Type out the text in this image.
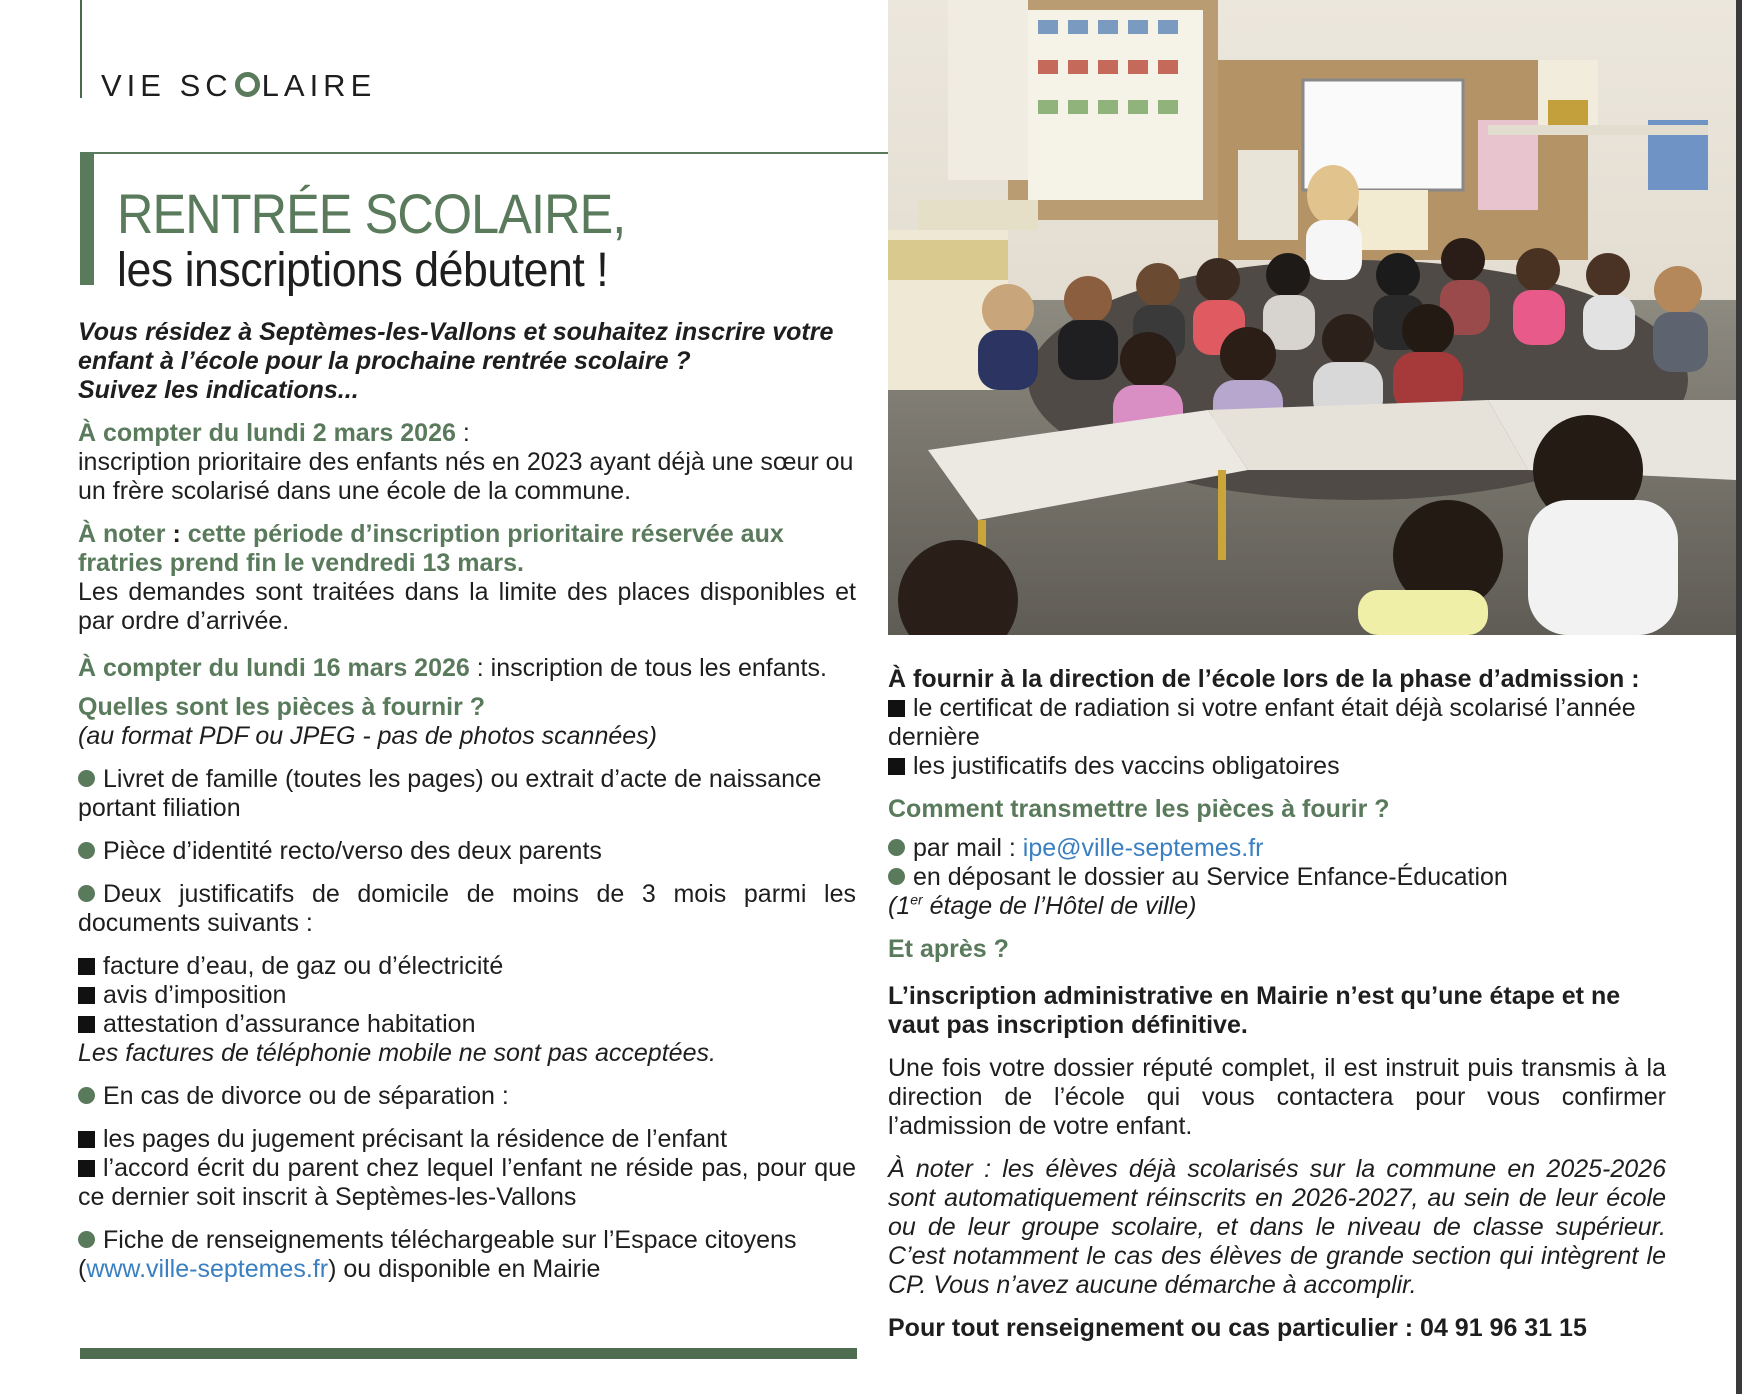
VIE SC LAIRE
RENTRÉE SCOLAIRE,
les inscriptions débutent !

Vous résidez à Septèmes-les-Vallons et souhaitez inscrire votre

enfant à l’école pour la prochaine rentrée scolaire ?

Suivez les indications...

À compter du lundi 2 mars 2026 :

inscription prioritaire des enfants nés en 2023 ayant déjà une sœur ou un frère scolarisé dans une école de la commune.

À noter : cette période d’inscription prioritaire réservée aux fratries prend fin le vendredi 13 mars.

Les demandes sont traitées dans la limite des places disponibles et par ordre d’arrivée.

À compter du lundi 16 mars 2026 : inscription de tous les enfants.

Quelles sont les pièces à fournir ?

(au format PDF ou JPEG - pas de photos scannées)

Livret de famille (toutes les pages) ou extrait d’acte de naissance portant filiation

Pièce d’identité recto/verso des deux parents

Deux justificatifs de domicile de moins de 3 mois parmi les documents suivants :

facture d’eau, de gaz ou d’électricité

avis d’imposition

attestation d’assurance habitation

Les factures de téléphonie mobile ne sont pas acceptées.

En cas de divorce ou de séparation :

les pages du jugement précisant la résidence de l’enfant

l’accord écrit du parent chez lequel l’enfant ne réside pas, pour que ce dernier soit inscrit à Septèmes-les-Vallons

Fiche de renseignements téléchargeable sur l’Espace citoyens

(www.ville-septemes.fr) ou disponible en Mairie

À fournir à la direction de l’école lors de la phase d’admission :

le certificat de radiation si votre enfant était déjà scolarisé l’année dernière

les justificatifs des vaccins obligatoires

Comment transmettre les pièces à fourir ?

par mail : ipe@ville-septemes.fr

en déposant le dossier au Service Enfance-Éducation

(1er étage de l’Hôtel de ville)

Et après ?

L’inscription administrative en Mairie n’est qu’une étape et ne vaut pas inscription définitive.

Une fois votre dossier réputé complet, il est instruit puis transmis à la direction de l’école qui vous contactera pour vous confirmer l’admission de votre enfant.

À noter : les élèves déjà scolarisés sur la commune en 2025-2026 sont automatiquement réinscrits en 2026-2027, au sein de leur école ou de leur groupe scolaire, et dans le niveau de classe supérieur. C’est notamment le cas des élèves de grande section qui intègrent le CP. Vous n’avez aucune démarche à accomplir.

Pour tout renseignement ou cas particulier : 04 91 96 31 15
